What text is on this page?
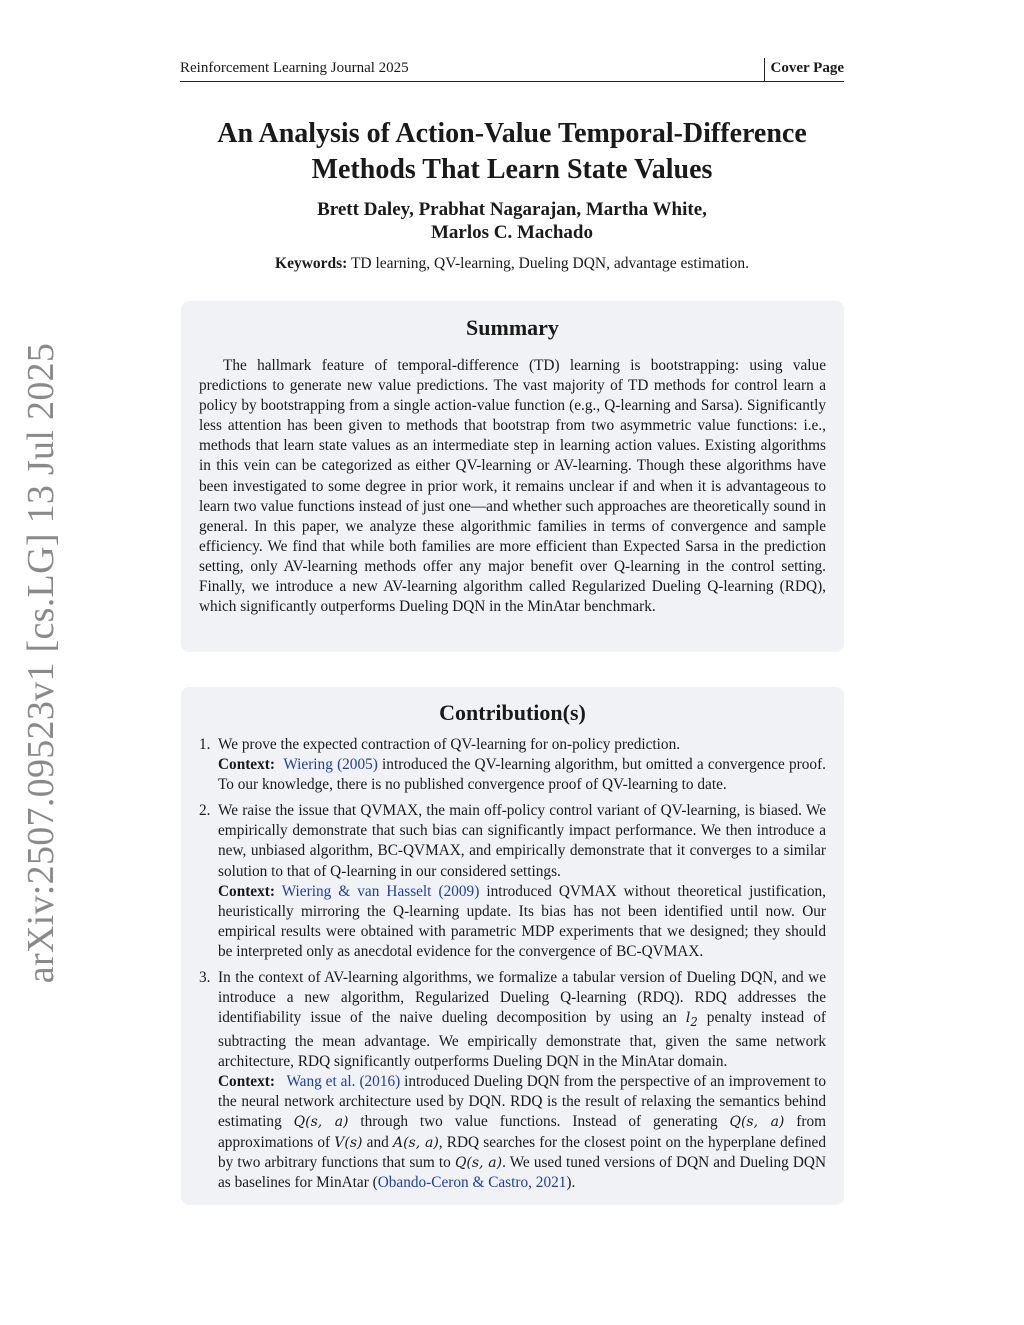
arXiv:2507.09523v1 [cs.LG] 13 Jul 2025
Reinforcement Learning Journal 2025	Cover Page
An Analysis of Action-Value Temporal-Difference
Methods That Learn State Values
Brett Daley, Prabhat Nagarajan, Martha White,
Marlos C. Machado
Keywords: TD learning, QV-learning, Dueling DQN, advantage estimation.
Summary

The hallmark feature of temporal-difference (TD) learning is bootstrapping: using value predictions to generate new value predictions. The vast majority of TD methods for control learn a policy by bootstrapping from a single action-value function (e.g., Q-learning and Sarsa). Significantly less attention has been given to methods that bootstrap from two asymmetric value functions: i.e., methods that learn state values as an intermediate step in learning action values. Existing algorithms in this vein can be categorized as either QV-learning or AV-learning. Though these algorithms have been investigated to some degree in prior work, it remains unclear if and when it is advantageous to learn two value functions instead of just one—and whether such approaches are theoretically sound in general. In this paper, we analyze these algorithmic families in terms of convergence and sample efficiency. We find that while both families are more efficient than Expected Sarsa in the prediction setting, only AV-learning methods offer any major benefit over Q-learning in the control setting. Finally, we introduce a new AV-learning algorithm called Regularized Dueling Q-learning (RDQ), which significantly outperforms Dueling DQN in the MinAtar benchmark.

Contribution(s)
1. We prove the expected contraction of QV-learning for on-policy prediction.
Context: Wiering (2005) introduced the QV-learning algorithm, but omitted a convergence proof. To our knowledge, there is no published convergence proof of QV-learning to date.
2. We raise the issue that QVMAX, the main off-policy control variant of QV-learning, is biased. We empirically demonstrate that such bias can significantly impact performance. We then introduce a new, unbiased algorithm, BC-QVMAX, and empirically demonstrate that it converges to a similar solution to that of Q-learning in our considered settings.
Context: Wiering & van Hasselt (2009) introduced QVMAX without theoretical justification, heuristically mirroring the Q-learning update. Its bias has not been identified until now. Our empirical results were obtained with parametric MDP experiments that we designed; they should be interpreted only as anecdotal evidence for the convergence of BC-QVMAX.
3. In the context of AV-learning algorithms, we formalize a tabular version of Dueling DQN, and we introduce a new algorithm, Regularized Dueling Q-learning (RDQ). RDQ addresses the identifiability issue of the naive dueling decomposition by using an $l_2$ penalty instead of subtracting the mean advantage. We empirically demonstrate that, given the same network architecture, RDQ significantly outperforms Dueling DQN in the MinAtar domain.
Context: Wang et al. (2016) introduced Dueling DQN from the perspective of an improvement to the neural network architecture used by DQN. RDQ is the result of relaxing the semantics behind estimating Q(s, a) through two value functions. Instead of generating Q(s, a) from approximations of V(s) and A(s, a), RDQ searches for the closest point on the hyperplane defined by two arbitrary functions that sum to Q(s, a). We used tuned versions of DQN and Dueling DQN as baselines for MinAtar (Obando-Ceron & Castro, 2021).
